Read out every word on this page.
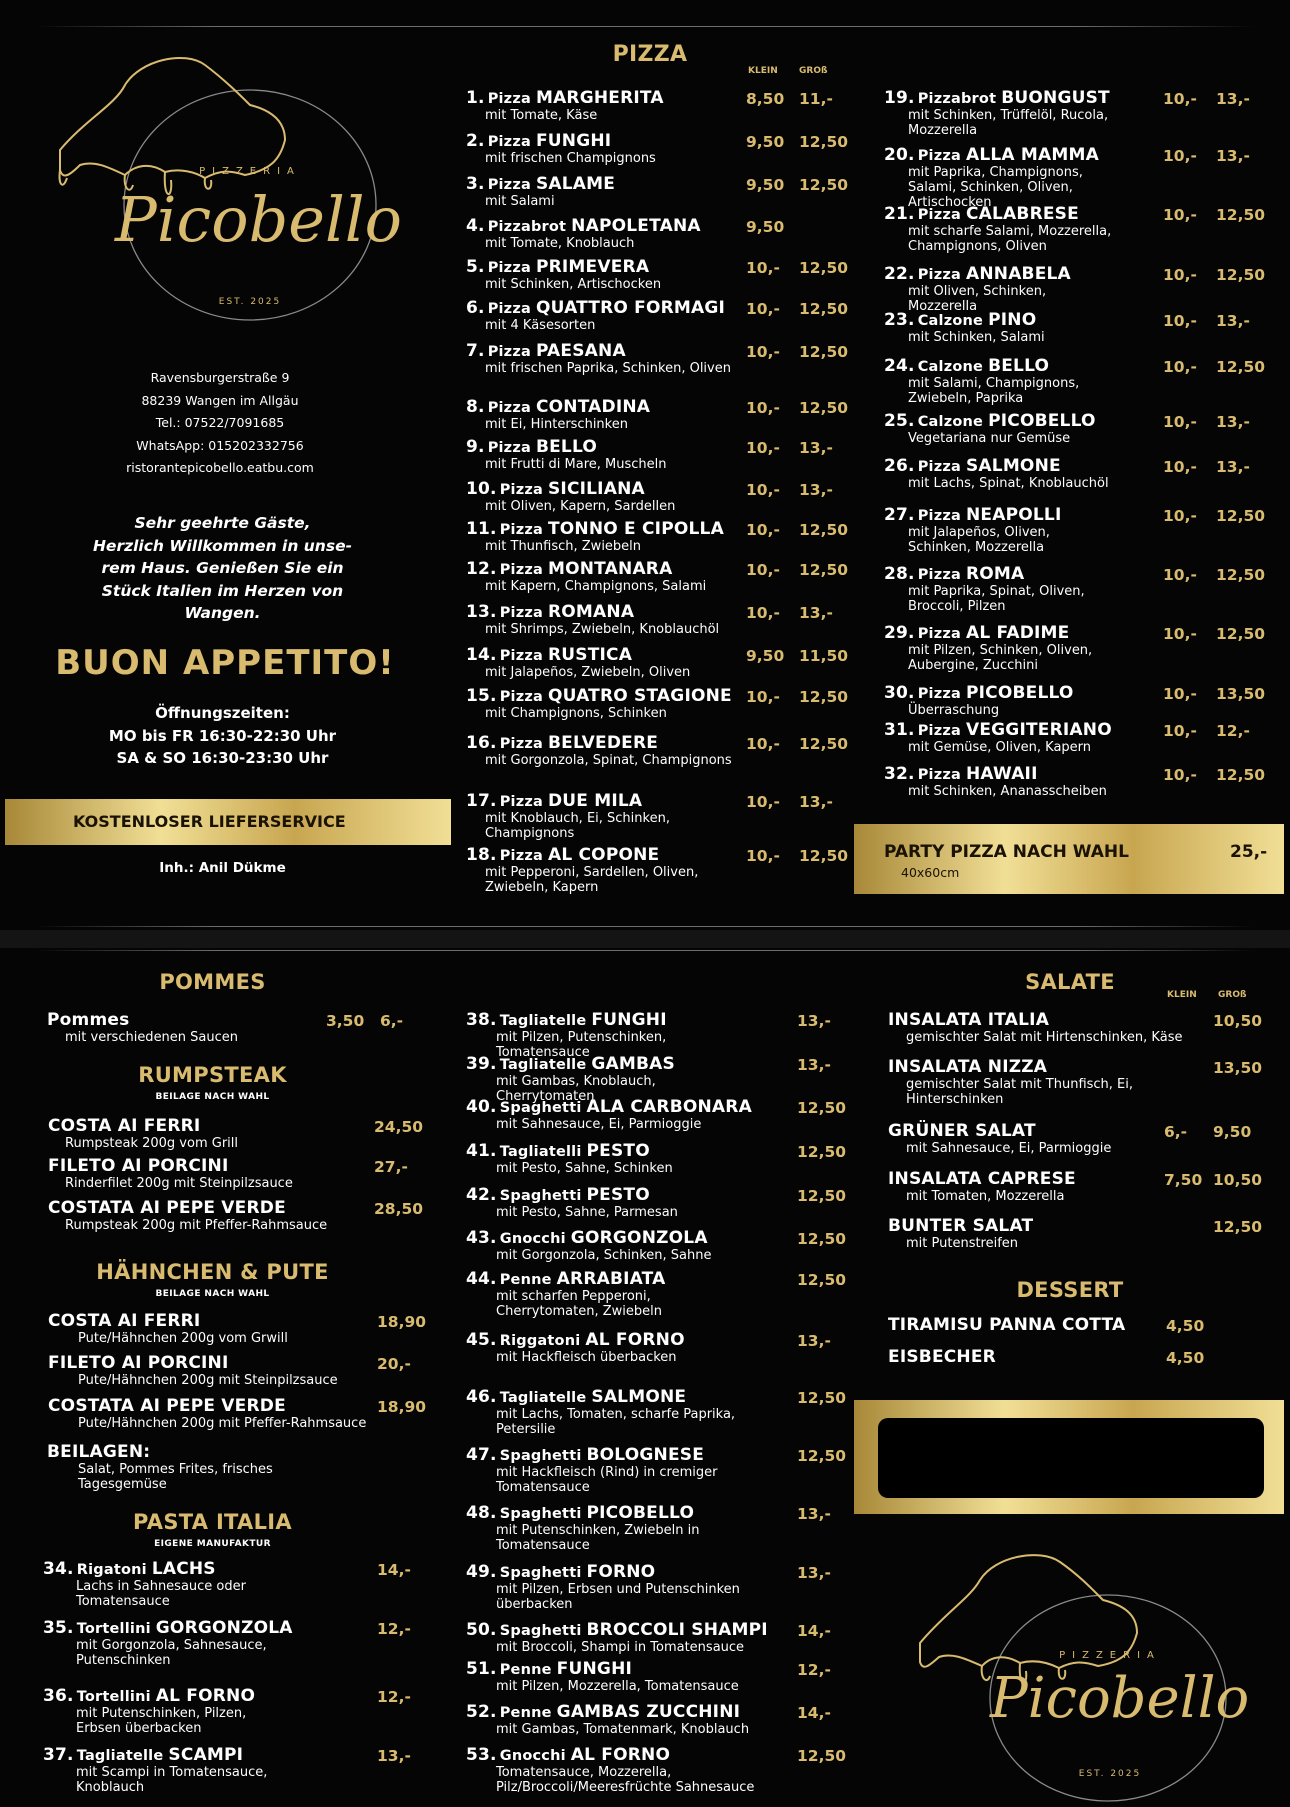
PIZZERIA
Picobello
EST. 2025
Ravensburgerstraße 9
88239 Wangen im Allgäu
Tel.: 07522/7091685
WhatsApp: 015202332756
ristorantepicobello.eatbu.com
Sehr geehrte Gäste,
Herzlich Willkommen in unse-
rem Haus. Genießen Sie ein
Stück Italien im Herzen von
Wangen.
BUON APPETITO!
Öffnungszeiten:
MO bis FR 16:30-22:30 Uhr
SA & SO 16:30-23:30 Uhr
KOSTENLOSER LIEFERSERVICE
Inh.: Anil Dükme
PIZZA
KLEIN GROß
1. Pizza MARGHERITA
mit Tomate, Käse
8,50 11,-
2. Pizza FUNGHI
mit frischen Champignons
9,50 12,50
3. Pizza SALAME
mit Salami
9,50 12,50
4. Pizzabrot NAPOLETANA
mit Tomate, Knoblauch
9,50
5. Pizza PRIMEVERA
mit Schinken, Artischocken
10,- 12,50
6. Pizza QUATTRO FORMAGI
mit 4 Käsesorten
10,- 12,50
7. Pizza PAESANA
mit frischen Paprika, Schinken, Oliven
10,- 12,50
8. Pizza CONTADINA
mit Ei, Hinterschinken
10,- 12,50
9. Pizza BELLO
mit Frutti di Mare, Muscheln
10,- 13,-
10. Pizza SICILIANA
mit Oliven, Kapern, Sardellen
10,- 13,-
11. Pizza TONNO E CIPOLLA
mit Thunfisch, Zwiebeln
10,- 12,50
12. Pizza MONTANARA
mit Kapern, Champignons, Salami
10,- 12,50
13. Pizza ROMANA
mit Shrimps, Zwiebeln, Knoblauchöl
10,- 13,-
14. Pizza RUSTICA
mit Jalapeños, Zwiebeln, Oliven
9,50 11,50
15. Pizza QUATRO STAGIONE
mit Champignons, Schinken
10,- 12,50
16. Pizza BELVEDERE
mit Gorgonzola, Spinat, Champignons
10,- 12,50
17. Pizza DUE MILA
mit Knoblauch, Ei, Schinken, Champignons
10,- 13,-
18. Pizza AL COPONE
mit Pepperoni, Sardellen, Oliven, Zwiebeln, Kapern
10,- 12,50
19. Pizzabrot BUONGUST
mit Schinken, Trüffelöl, Rucola, Mozzerella
10,- 13,-
20. Pizza ALLA MAMMA
mit Paprika, Champignons, Salami, Schinken, Oliven, Artischocken
10,- 13,-
21. Pizza CALABRESE
mit scharfe Salami, Mozzerella, Champignons, Oliven
10,- 12,50
22. Pizza ANNABELA
mit Oliven, Schinken, Mozzerella
10,- 12,50
23. Calzone PINO
mit Schinken, Salami
10,- 13,-
24. Calzone BELLO
mit Salami, Champignons, Zwiebeln, Paprika
10,- 12,50
25. Calzone PICOBELLO
Vegetariana nur Gemüse
10,- 13,-
26. Pizza SALMONE
mit Lachs, Spinat, Knoblauchöl
10,- 13,-
27. Pizza NEAPOLLI
mit Jalapeños, Oliven, Schinken, Mozzerella
10,- 12,50
28. Pizza ROMA
mit Paprika, Spinat, Oliven, Broccoli, Pilzen
10,- 12,50
29. Pizza AL FADIME
mit Pilzen, Schinken, Oliven, Aubergine, Zucchini
10,- 12,50
30. Pizza PICOBELLO
Überraschung
10,- 13,50
31. Pizza VEGGITERIANO
mit Gemüse, Oliven, Kapern
10,- 12,-
32. Pizza HAWAII
mit Schinken, Ananasscheiben
10,- 12,50
PARTY PIZZA NACH WAHL
40x60cm
25,-
POMMES
Pommes
mit verschiedenen Saucen
3,50 6,-
RUMPSTEAK
BEILAGE NACH WAHL
COSTA AI FERRI
Rumpsteak 200g vom Grill
24,50
FILETO AI PORCINI
Rinderfilet 200g mit Steinpilzsauce
27,-
COSTATA AI PEPE VERDE
Rumpsteak 200g mit Pfeffer-Rahmsauce
28,50
HÄHNCHEN & PUTE
BEILAGE NACH WAHL
COSTA AI FERRI
Pute/Hähnchen 200g vom Grwill
18,90
FILETO AI PORCINI
Pute/Hähnchen 200g mit Steinpilzsauce
20,-
COSTATA AI PEPE VERDE
Pute/Hähnchen 200g mit Pfeffer-Rahmsauce
18,90
BEILAGEN:
Salat, Pommes Frites, frisches Tagesgemüse
PASTA ITALIA
EIGENE MANUFAKTUR
34. Rigatoni LACHS
Lachs in Sahnesauce oder Tomatensauce
14,-
35. Tortellini GORGONZOLA
mit Gorgonzola, Sahnesauce, Putenschinken
12,-
36. Tortellini AL FORNO
mit Putenschinken, Pilzen, Erbsen überbacken
12,-
37. Tagliatelle SCAMPI
mit Scampi in Tomatensauce, Knoblauch
13,-
38. Tagliatelle FUNGHI
mit Pilzen, Putenschinken, Tomatensauce
13,-
39. Tagliatelle GAMBAS
mit Gambas, Knoblauch, Cherrytomaten
13,-
40. Spaghetti ALA CARBONARA
mit Sahnesauce, Ei, Parmioggie
12,50
41. Tagliatelli PESTO
mit Pesto, Sahne, Schinken
12,50
42. Spaghetti PESTO
mit Pesto, Sahne, Parmesan
12,50
43. Gnocchi GORGONZOLA
mit Gorgonzola, Schinken, Sahne
12,50
44. Penne ARRABIATA
mit scharfen Pepperoni, Cherrytomaten, Zwiebeln
12,50
45. Riggatoni AL FORNO
mit Hackfleisch überbacken
13,-
46. Tagliatelle SALMONE
mit Lachs, Tomaten, scharfe Paprika, Petersilie
12,50
47. Spaghetti BOLOGNESE
mit Hackfleisch (Rind) in cremiger Tomatensauce
12,50
48. Spaghetti PICOBELLO
mit Putenschinken, Zwiebeln in Tomatensauce
13,-
49. Spaghetti FORNO
mit Pilzen, Erbsen und Putenschinken überbacken
13,-
50. Spaghetti BROCCOLI SHAMPI
mit Broccoli, Shampi in Tomatensauce
14,-
51. Penne FUNGHI
mit Pilzen, Mozzerella, Tomatensauce
12,-
52. Penne GAMBAS ZUCCHINI
mit Gambas, Tomatenmark, Knoblauch
14,-
53. Gnocchi AL FORNO
Tomatensauce, Mozzerella, Pilz/Broccoli/Meeresfrüchte Sahnesauce
12,50
SALATE
KLEIN GROß
INSALATA ITALIA
gemischter Salat mit Hirtenschinken, Käse
10,50
INSALATA NIZZA
gemischter Salat mit Thunfisch, Ei, Hinterschinken
13,50
GRÜNER SALAT
mit Sahnesauce, Ei, Parmioggie
6,- 9,50
INSALATA CAPRESE
mit Tomaten, Mozzerella
7,50 10,50
BUNTER SALAT
mit Putenstreifen
12,50
DESSERT
TIRAMISU PANNA COTTA	4,50
EISBECHER	4,50
PIZZERIA
Picobello
EST. 2025
